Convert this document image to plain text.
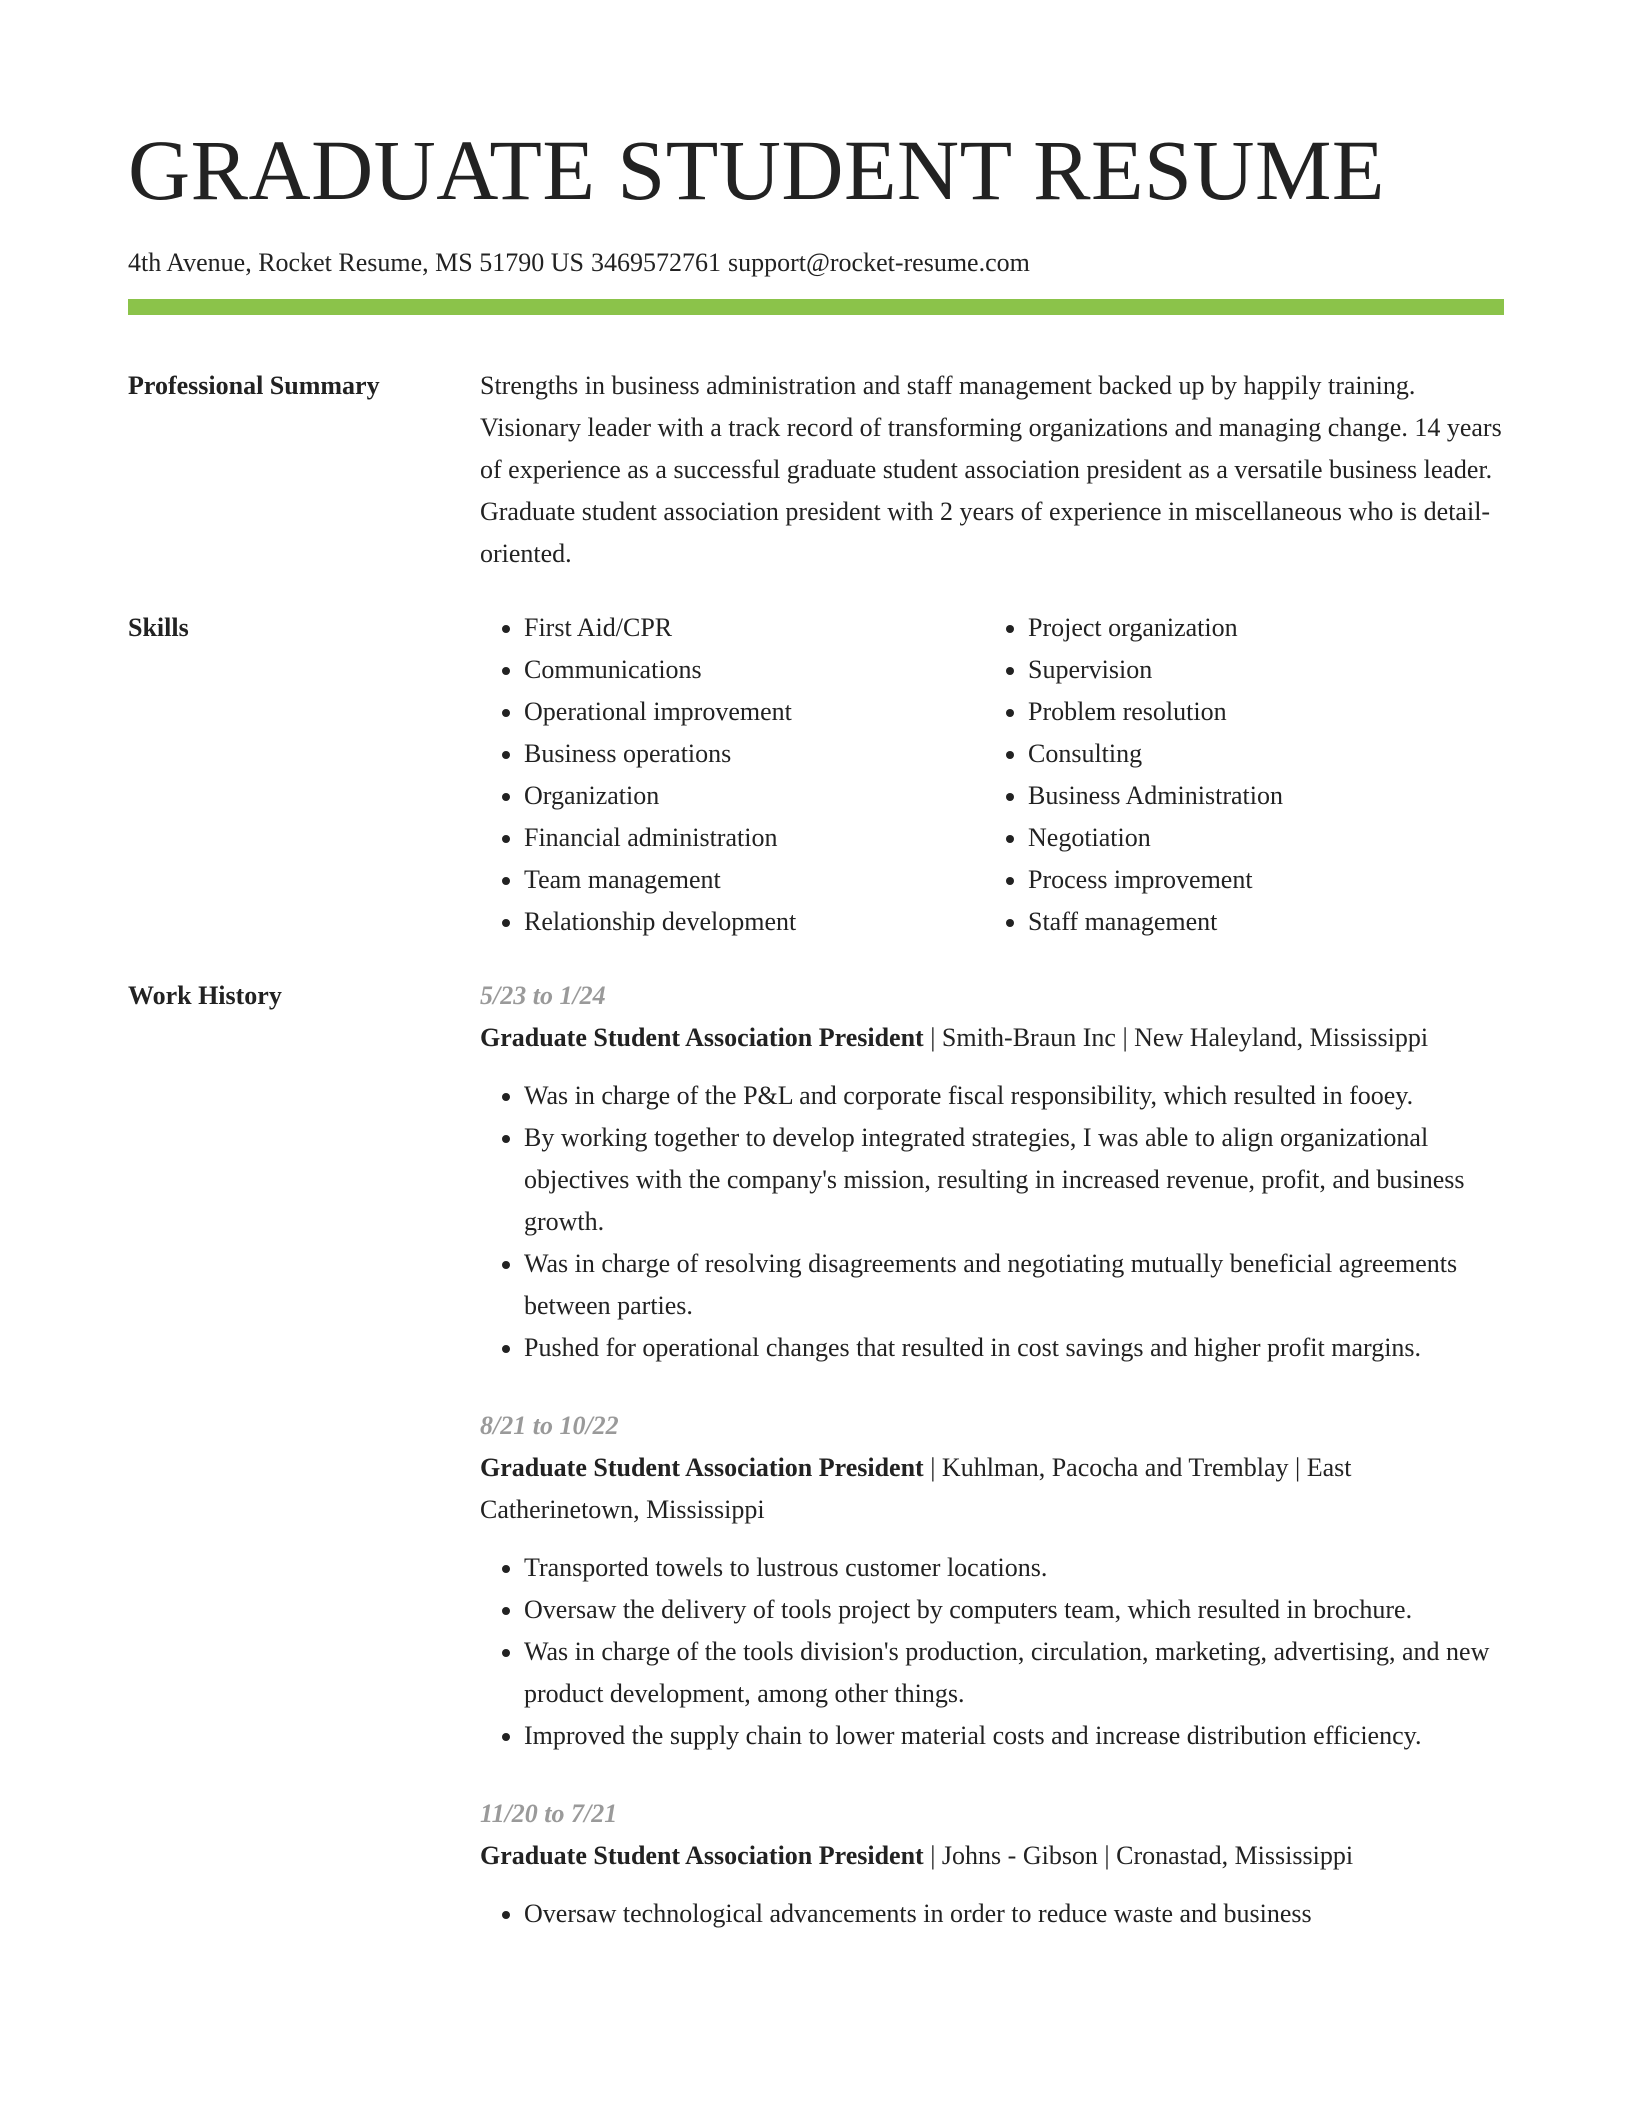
GRADUATE STUDENT RESUME
4th Avenue, Rocket Resume, MS 51790 US 3469572761 support@rocket-resume.com
Professional Summary	Strengths in business administration and staff management backed up by happily training. Visionary leader with a track record of transforming organizations and managing change. 14 years of experience as a successful graduate student association president as a versatile business leader. Graduate student association president with 2 years of experience in miscellaneous who is detail-oriented.

Skills
•	First Aid/CPR
• Communications
• Operational improvement
• Business operations
• Organization
• Financial administration
• Team management
• Relationship development
• Project organization
• Supervision
• Problem resolution
• Consulting
• Business Administration
• Negotiation
• Process improvement
• Staff management
Work History	5/23 to 1/24
Graduate Student Association President | Smith-Braun Inc | New Haleyland, Mississippi
• Was in charge of the P&L and corporate fiscal responsibility, which resulted in fooey.
• By working together to develop integrated strategies, I was able to align organizational objectives with the company's mission, resulting in increased revenue, profit, and business growth.
• Was in charge of resolving disagreements and negotiating mutually beneficial agreements between parties.
• Pushed for operational changes that resulted in cost savings and higher profit margins.
8/21 to 10/22
Graduate Student Association President | Kuhlman, Pacocha and Tremblay | East Catherinetown, Mississippi
• Transported towels to lustrous customer locations.
• Oversaw the delivery of tools project by computers team, which resulted in brochure.
• Was in charge of the tools division's production, circulation, marketing, advertising, and new product development, among other things.
• Improved the supply chain to lower material costs and increase distribution efficiency.
11/20 to 7/21
Graduate Student Association President | Johns - Gibson | Cronastad, Mississippi
• Oversaw technological advancements in order to reduce waste and business
